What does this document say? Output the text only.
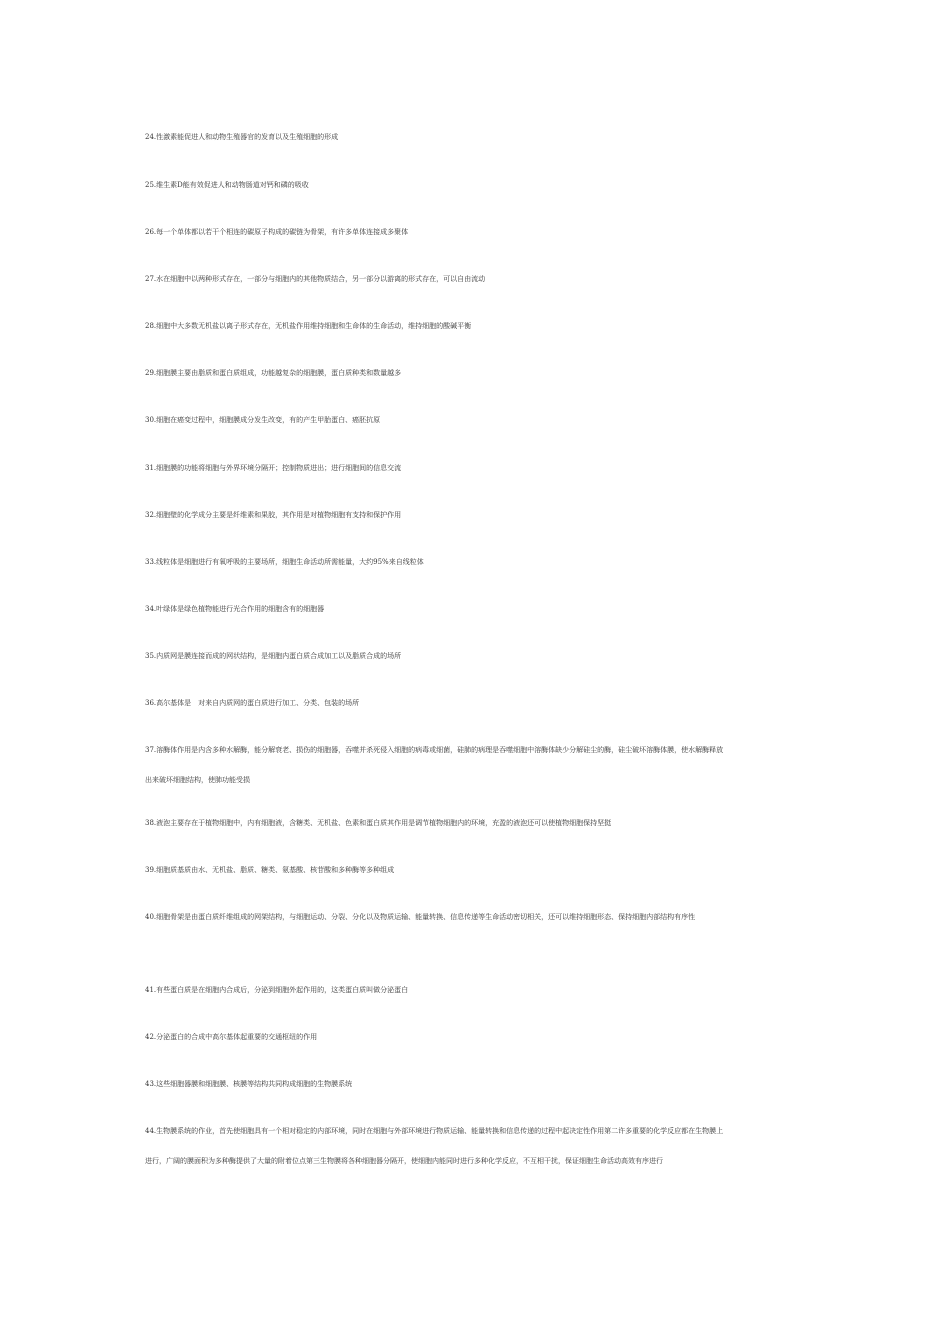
24.性激素能促进人和动物生殖器官的发育以及生殖细胞的形成
25.维生素D能有效促进人和动物肠道对钙和磷的吸收
26.每一个单体都以若干个相连的碳原子构成的碳链为骨架，有许多单体连接成多聚体
27.水在细胞中以两种形式存在，一部分与细胞内的其他物质结合，另一部分以游离的形式存在，可以自由流动
28.细胞中大多数无机盐以离子形式存在，无机盐作用维持细胞和生命体的生命活动，维持细胞的酸碱平衡
29.细胞膜主要由脂质和蛋白质组成，功能越复杂的细胞膜，蛋白质种类和数量越多
30.细胞在癌变过程中，细胞膜成分发生改变，有的产生甲胎蛋白、癌胚抗原
31.细胞膜的功能将细胞与外界环境分隔开；控制物质进出；进行细胞间的信息交流
32.细胞壁的化学成分主要是纤维素和果胶，其作用是对植物细胞有支持和保护作用
33.线粒体是细胞进行有氧呼吸的主要场所，细胞生命活动所需能量，大约95%来自线粒体
34.叶绿体是绿色植物能进行光合作用的细胞含有的细胞器
35.内质网是膜连接而成的网状结构，是细胞内蛋白质合成加工以及脂质合成的场所
36.高尔基体是　对来自内质网的蛋白质进行加工、分类、包装的场所
37.溶酶体作用是内含多种水解酶，能分解衰老、损伤的细胞器，吞噬并杀死侵入细胞的病毒或细菌，硅肺的病理是吞噬细胞中溶酶体缺少分解硅尘的酶，硅尘破坏溶酶体膜，使水解酶释放
出来破坏细胞结构，使肺功能受损
38.液泡主要存在于植物细胞中，内有细胞液，含糖类、无机盐、色素和蛋白质其作用是调节植物细胞内的环境，充盈的液泡还可以使植物细胞保持坚挺
39.细胞质基质由水、无机盐、脂质、糖类、氨基酸、核苷酸和多种酶等多种组成
40.细胞骨架是由蛋白质纤维组成的网架结构，与细胞运动、分裂、分化以及物质运输、能量转换、信息传递等生命活动密切相关，还可以维持细胞形态、保持细胞内部结构有序性
41.有些蛋白质是在细胞内合成后，分泌到细胞外起作用的，这类蛋白质叫做分泌蛋白
42.分泌蛋白的合成中高尔基体起重要的交通枢纽的作用
43.这些细胞器膜和细胞膜、核膜等结构共同构成细胞的生物膜系统
44.生物膜系统的作业，首先使细胞具有一个相对稳定的内部环境，同时在细胞与外部环境进行物质运输、能量转换和信息传递的过程中起决定性作用第二许多重要的化学反应都在生物膜上
进行，广阔的膜面积为多种酶提供了大量的附着位点第三生物膜将各种细胞器分隔开，使细胞内能同时进行多种化学反应，不互相干扰，保证细胞生命活动高效有序进行
